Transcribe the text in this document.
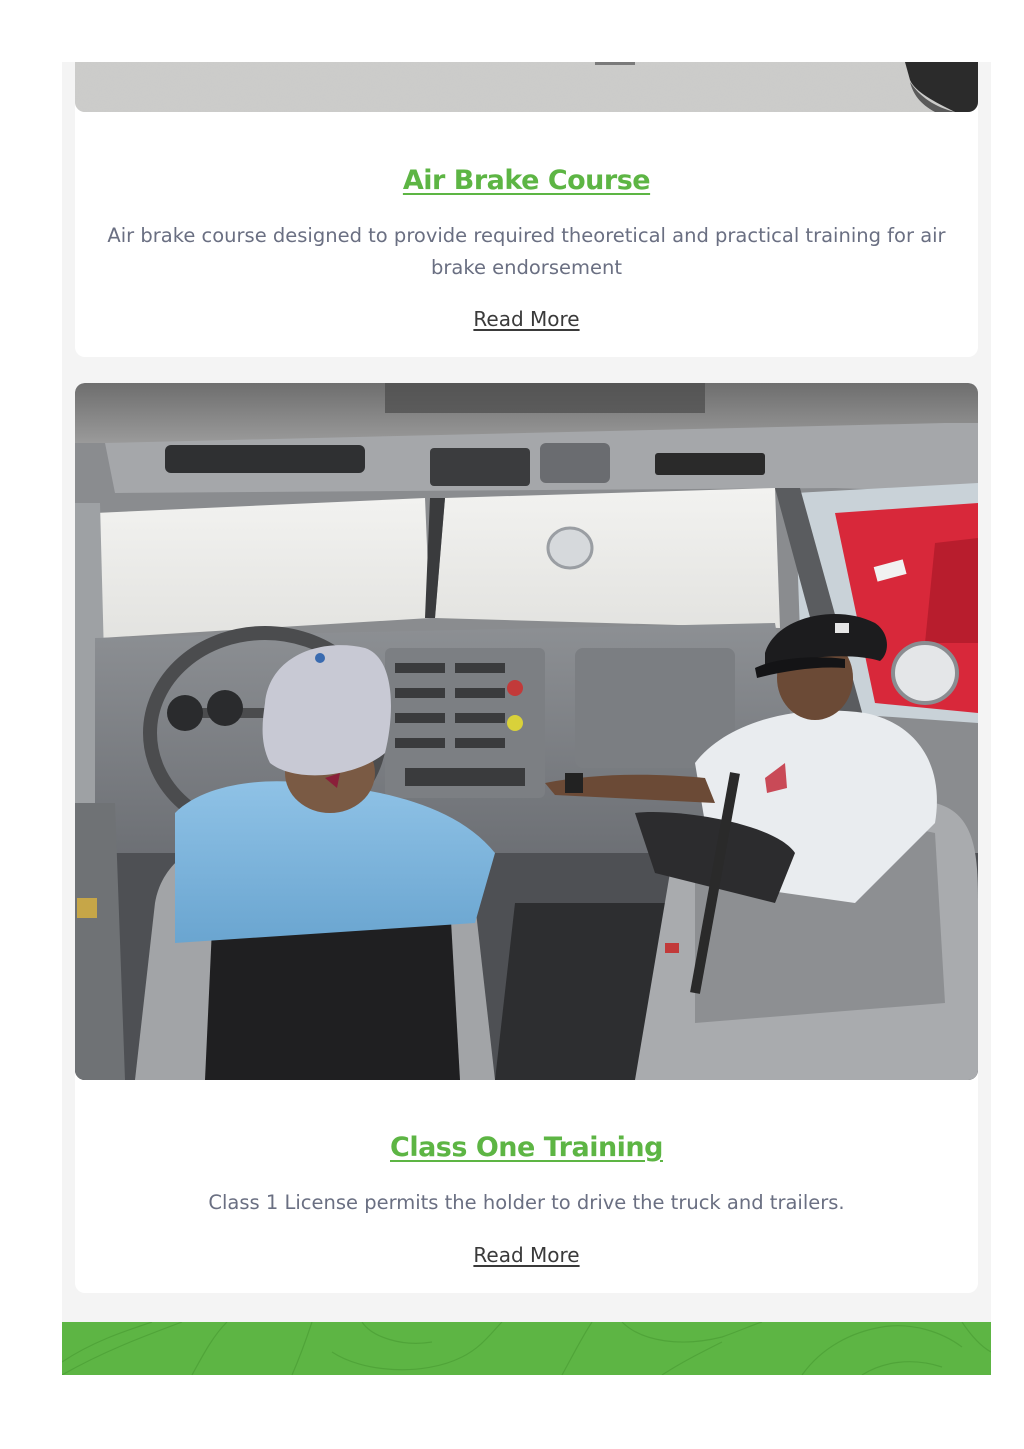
Air Brake Course
Air brake course designed to provide required theoretical and practical training for air brake endorsement
Read More
Class One Training
Class 1 License permits the holder to drive the truck and trailers.
Read More
